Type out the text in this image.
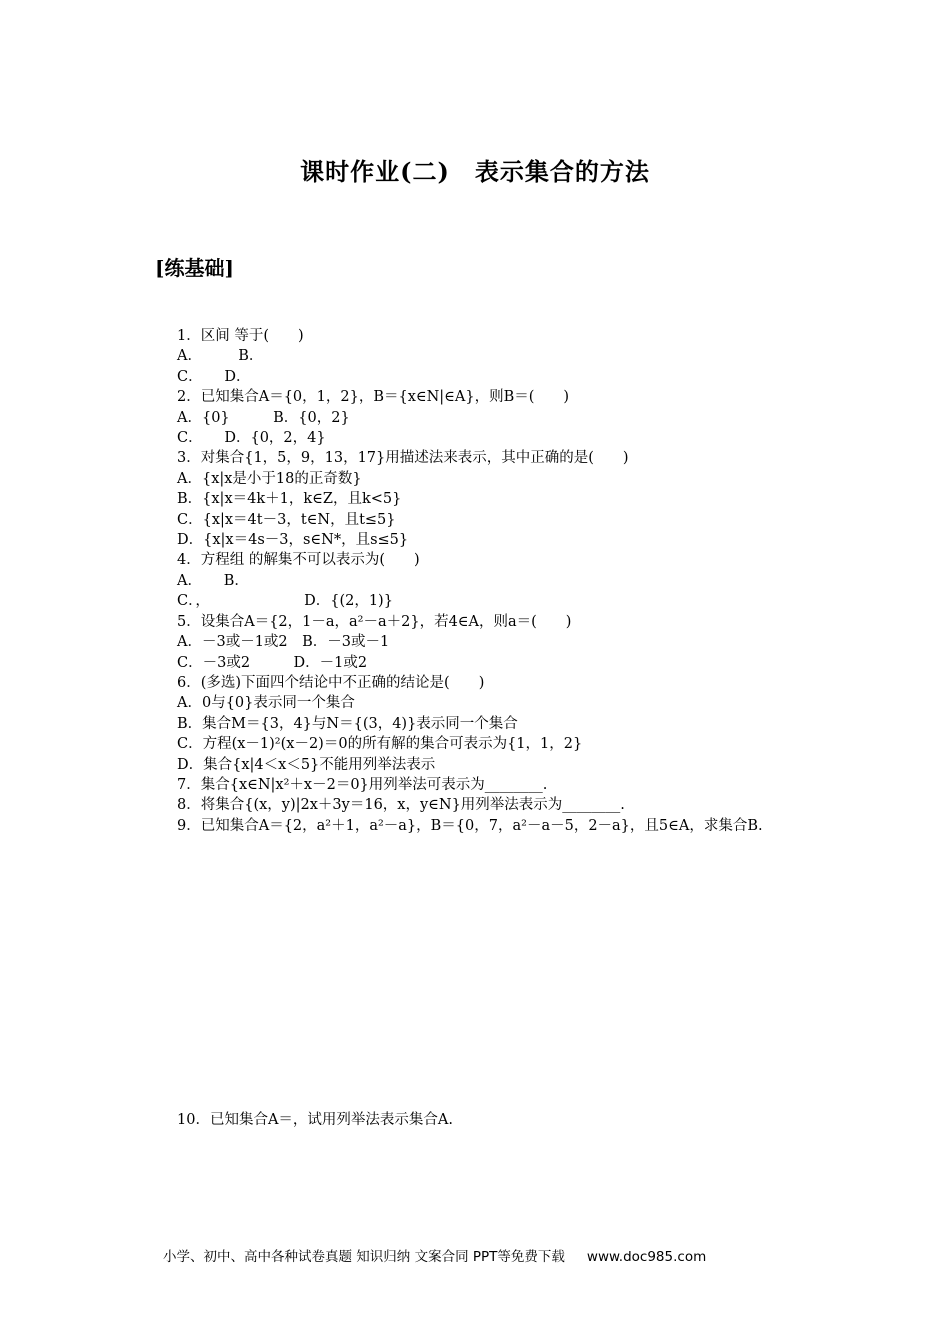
课时作业(二)　表示集合的方法
[练基础]
1．区间 等于(　　)
A．　　　B．
C．　　D．
2．已知集合A＝{0，1，2}，B＝{x∈N|∈A}，则B＝(　　)
A．{0}　　　B．{0，2}
C．　　D．{0，2，4}
3．对集合{1，5，9，13，17}用描述法来表示，其中正确的是(　　)
A．{x|x是小于18的正奇数}
B．{x|x＝4k＋1，k∈Z，且k<5}
C．{x|x＝4t－3，t∈N，且t≤5}
D．{x|x＝4s－3，s∈N*，且s≤5}
4．方程组 的解集不可以表示为(　　)
A．　　B．
C．，　　　　　　　D．{(2，1)}
5．设集合A＝{2，1－a，a²－a＋2}，若4∈A，则a＝(　　)
A．－3或－1或2　B．－3或－1
C．－3或2　　　D．－1或2
6．(多选)下面四个结论中不正确的结论是(　　)
A．0与{0}表示同一个集合
B．集合M＝{3，4}与N＝{(3，4)}表示同一个集合
C．方程(x－1)²(x－2)＝0的所有解的集合可表示为{1，1，2}
D．集合{x|4＜x＜5}不能用列举法表示
7．集合{x∈N|x²＋x－2＝0}用列举法可表示为________.
8．将集合{(x，y)|2x＋3y＝16，x，y∈N}用列举法表示为________.
9．已知集合A＝{2，a²＋1，a²－a}，B＝{0，7，a²－a－5，2－a}，且5∈A，求集合B.
10．已知集合A＝，试用列举法表示集合A.
小学、初中、高中各种试卷真题 知识归纳 文案合同 PPT等免费下载 www.doc985.com
